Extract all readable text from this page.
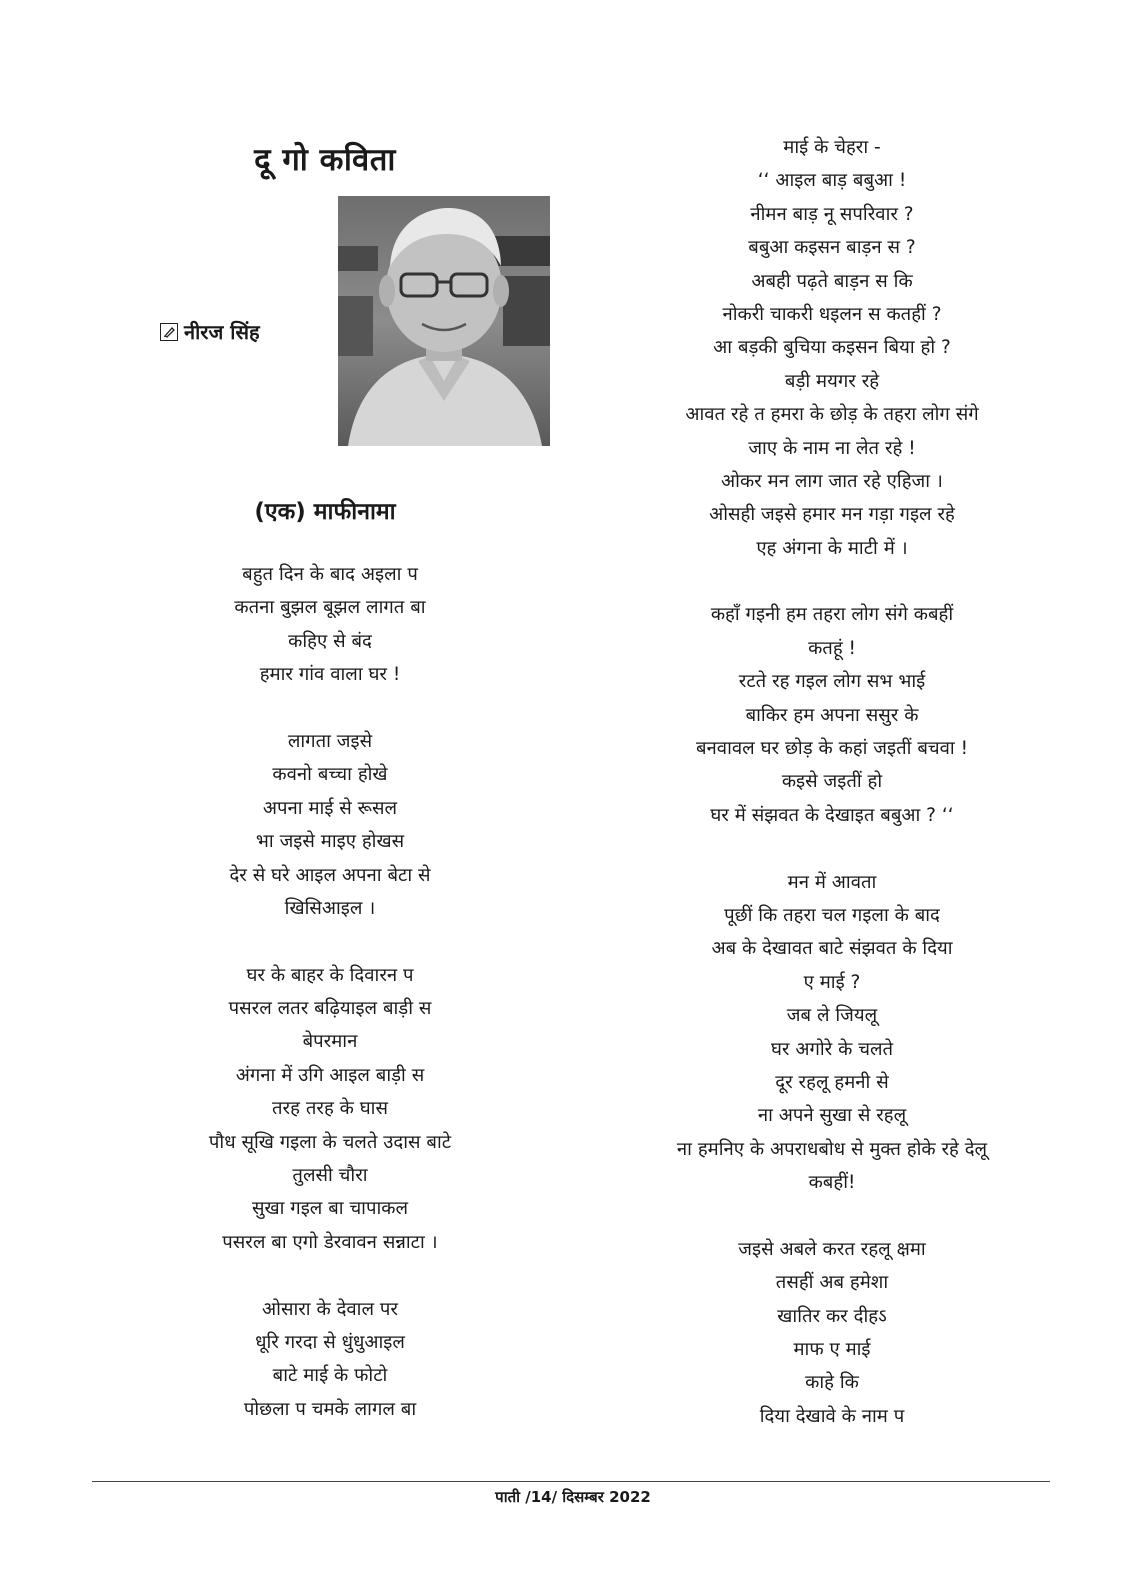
दू गो कविता
नीरज सिंह
(एक) माफीनामा
बहुत दिन के बाद अइला प
कतना बुझल बूझल लागत बा
कहिए से बंद
हमार गांव वाला घर !
लागता जइसे
कवनो बच्चा होखे
अपना माई से रूसल
भा जइसे माइए होखस
देर से घरे आइल अपना बेटा से
खिसिआइल ।
घर के बाहर के दिवारन प
पसरल लतर बढ़ियाइल बाड़ी स
बेपरमान
अंगना में उगि आइल बाड़ी स
तरह तरह के घास
पौध सूखि गइला के चलते उदास बाटे
तुलसी चौरा
सुखा गइल बा चापाकल
पसरल बा एगो डेरवावन सन्नाटा ।
ओसारा के देवाल पर
धूरि गरदा से धुंधुआइल
बाटे माई के फोटो
पोछला प चमके लागल बा
माई के चेहरा -
‘‘ आइल बाड़ बबुआ !
नीमन बाड़ नू सपरिवार ?
बबुआ कइसन बाड़न स ?
अबही पढ़ते बाड़न स कि
नोकरी चाकरी धइलन स कतहीं ?
आ बड़की बुचिया कइसन बिया हो ?
बड़ी मयगर रहे
आवत रहे त हमरा के छोड़ के तहरा लोग संगे
जाए के नाम ना लेत रहे !
ओकर मन लाग जात रहे एहिजा ।
ओसही जइसे हमार मन गड़ा गइल रहे
एह अंगना के माटी में ।
कहाँ गइनी हम तहरा लोग संगे कबहीं
कतहूं !
रटते रह गइल लोग सभ भाई
बाकिर हम अपना ससुर के
बनवावल घर छोड़ के कहां जइतीं बचवा !
कइसे जइतीं हो
घर में संझवत के देखाइत बबुआ ? ‘‘
मन में आवता
पूछीं कि तहरा चल गइला के बाद
अब के देखावत बाटे संझवत के दिया
ए माई ?
जब ले जियलू
घर अगोरे के चलते
दूर रहलू हमनी से
ना अपने सुखा से रहलू
ना हमनिए के अपराधबोध से मुक्त होके रहे देलू
कबहीं!
जइसे अबले करत रहलू क्षमा
तसहीं अब हमेशा
खातिर कर दीहऽ
माफ ए माई
काहे कि
दिया देखावे के नाम प
पाती /14/ दिसम्बर 2022
